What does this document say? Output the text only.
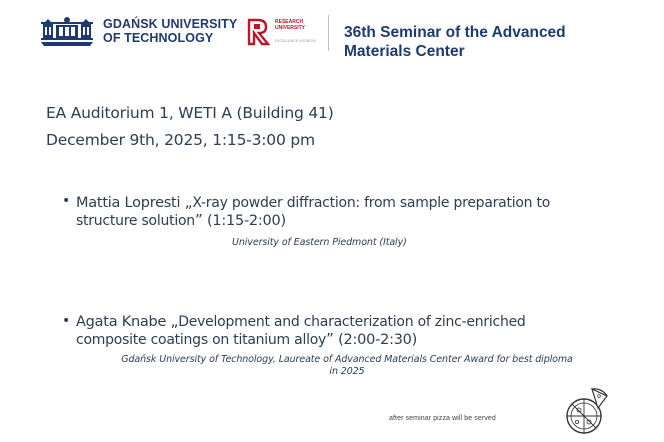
GDAŃSK UNIVERSITY
OF TECHNOLOGY
RESEARCH
UNIVERSITY
EXCELLENCE INITIATIVE 36th Seminar of the Advanced
Materials Center
EA Auditorium 1, WETI A (Building 41)
December 9th, 2025, 1:15-3:00 pm
• Mattia Lopresti „X-ray powder diffraction: from sample preparation to
structure solution” (1:15-2:00)
University of Eastern Piedmont (Italy)
• Agata Knabe „Development and characterization of zinc-enriched
composite coatings on titanium alloy” (2:00-2:30)
Gdańsk University of Technology, Laureate of Advanced Materials Center Award for best diploma
in 2025
after seminar pizza will be served
